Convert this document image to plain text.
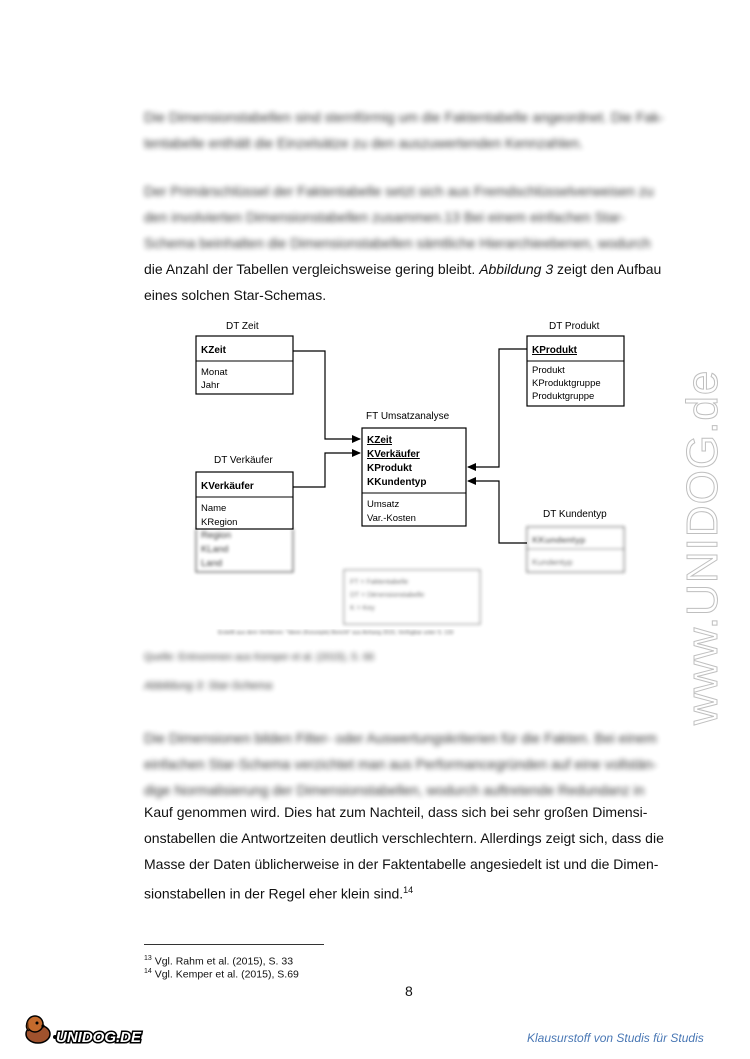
Die Dimensionstabellen sind sternförmig um die Faktentabelle angeordnet. Die Fak-

tentabelle enthält die Einzelsätze zu den auszuwertenden Kennzahlen.

Der Primärschlüssel der Faktentabelle setzt sich aus Fremdschlüsselverweisen zu

den involvierten Dimensionstabellen zusammen.13 Bei einem einfachen Star-

Schema beinhalten die Dimensionstabellen sämtliche Hierarchieebenen, wodurch

die Anzahl der Tabellen vergleichsweise gering bleibt. Abbildung 3 zeigt den Aufbau

eines solchen Star-Schemas.

DT Zeit
KZeit
Monat
Jahr
DT Produkt
KProdukt
Produkt
KProduktgruppe
Produktgruppe
FT Umsatzanalyse
KZeit
KVerkäufer
KProdukt
KKundentyp
Umsatz
Var.-Kosten
DT Verkäufer
KVerkäufer
Name
KRegion
Region
KLand
Land
DT Kundentyp
KKundentyp
Kundentyp
FT = Faktentabelle
DT = Dimensionstabelle
K = Key
Erstellt aus dem Verfahren: "Ideen (Konzepte) Bericht" aus Anhang 2015, Verfügbar unter S. 133
Quelle: Entnommen aus Kemper et al. (2015), S. 66
Abbildung 3: Star-Schema

Die Dimensionen bilden Filter- oder Auswertungskriterien für die Fakten. Bei einem

einfachen Star-Schema verzichtet man aus Performancegründen auf eine vollstän-

dige Normalisierung der Dimensionstabellen, wodurch auftretende Redundanz in

Kauf genommen wird. Dies hat zum Nachteil, dass sich bei sehr großen Dimensi-

onstabellen die Antwortzeiten deutlich verschlechtern. Allerdings zeigt sich, dass die

Masse der Daten üblicherweise in der Faktentabelle angesiedelt ist und die Dimen-

sionstabellen in der Regel eher klein sind.$^{14}$

www.UNIDOG.de
$^{13}$ Vgl. Rahm et al. (2015), S. 33
$^{14}$ Vgl. Kemper et al. (2015), S.69
8
UNIDOG.DE	Klausurstoff von Studis für Studis
